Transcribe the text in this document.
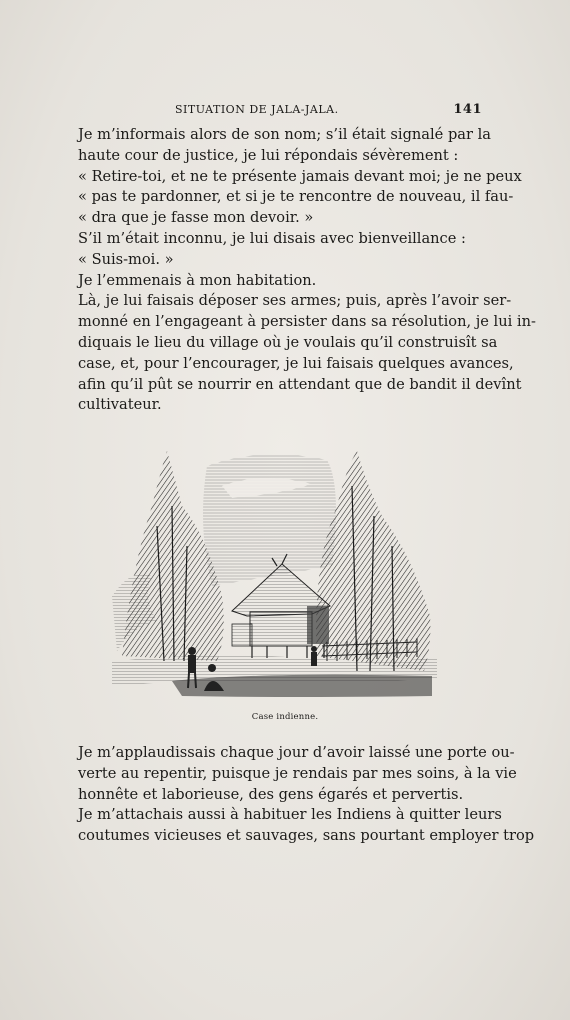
SITUATION DE JALA-JALA.	141
Je m’informais alors de son nom; s’il était signalé par la
haute cour de justice, je lui répondais sévèrement :
« Retire-toi, et ne te présente jamais devant moi; je ne peux
« pas te pardonner, et si je te rencontre de nouveau, il fau-
« dra que je fasse mon devoir. »
S’il m’était inconnu, je lui disais avec bienveillance :
« Suis-moi. »
Je l’emmenais à mon habitation.
Là, je lui faisais déposer ses armes; puis, après l’avoir ser-
monné en l’engageant à persister dans sa résolution, je lui in-
diquais le lieu du village où je voulais qu’il construisît sa
case, et, pour l’encourager, je lui faisais quelques avances,
afin qu’il pût se nourrir en attendant que de bandit il devînt
cultivateur.
Case indienne.
Je m’applaudissais chaque jour d’avoir laissé une porte ou-
verte au repentir, puisque je rendais par mes soins, à la vie
honnête et laborieuse, des gens égarés et pervertis.
Je m’attachais aussi à habituer les Indiens à quitter leurs
coutumes vicieuses et sauvages, sans pourtant employer trop
